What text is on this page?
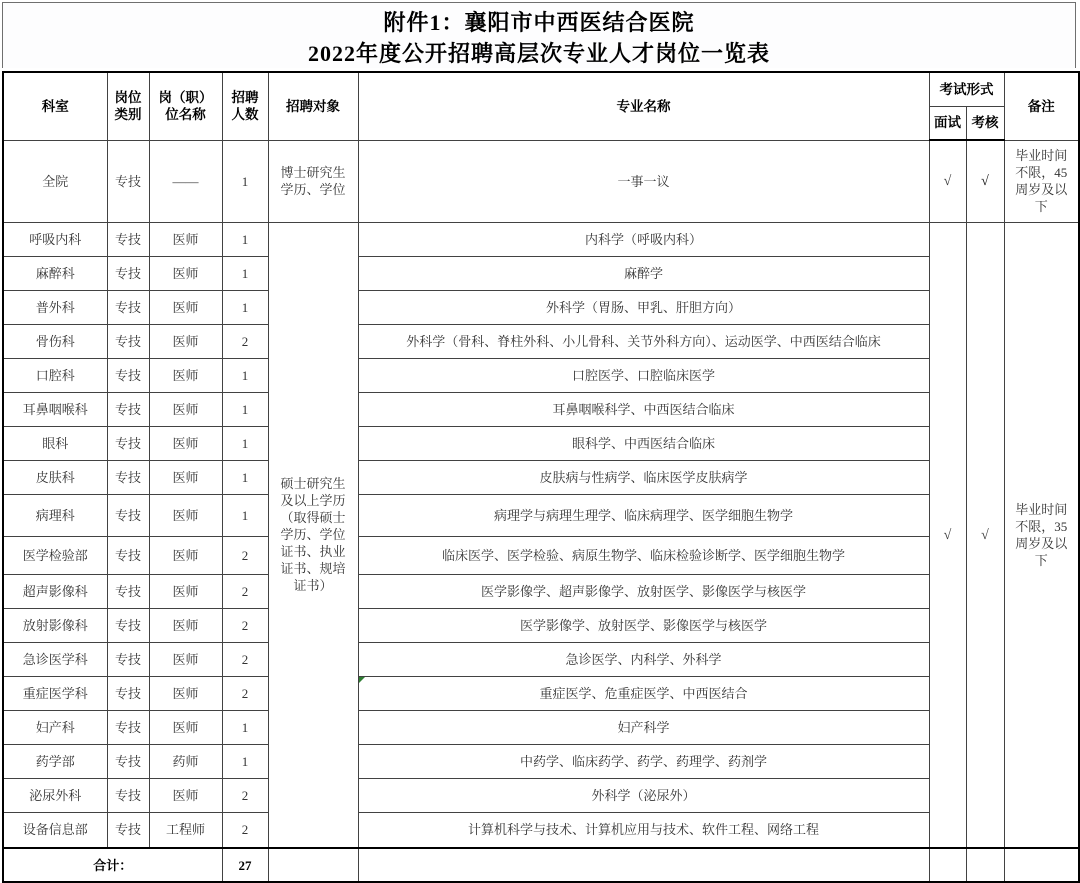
附件1：襄阳市中西医结合医院
2022年度公开招聘高层次专业人才岗位一览表
科室	岗位类别	岗（职）位名称	招聘人数	招聘对象	专业名称	考试形式		备注
						面试	考核	
全院	专技	——	1	博士研究生学历、学位	一事一议	√	√	毕业时间不限，45周岁及以下
呼吸内科	专技	医师	1	硕士研究生及以上学历（取得硕士学历、学位证书、执业证书、规培证书）	内科学（呼吸内科）	√	√	毕业时间不限，35周岁及以下
麻醉科	专技	医师	1		麻醉学			
普外科	专技	医师	1		外科学（胃肠、甲乳、肝胆方向）			
骨伤科	专技	医师	2		外科学（骨科、脊柱外科、小儿骨科、关节外科方向）、运动医学、中西医结合临床			
口腔科	专技	医师	1		口腔医学、口腔临床医学			
耳鼻咽喉科	专技	医师	1		耳鼻咽喉科学、中西医结合临床			
眼科	专技	医师	1		眼科学、中西医结合临床			
皮肤科	专技	医师	1		皮肤病与性病学、临床医学皮肤病学			
病理科	专技	医师	1		病理学与病理生理学、临床病理学、医学细胞生物学			
医学检验部	专技	医师	2		临床医学、医学检验、病原生物学、临床检验诊断学、医学细胞生物学			
超声影像科	专技	医师	2		医学影像学、超声影像学、放射医学、影像医学与核医学			
放射影像科	专技	医师	2		医学影像学、放射医学、影像医学与核医学			
急诊医学科	专技	医师	2		急诊医学、内科学、外科学			
重症医学科	专技	医师	2		重症医学、危重症医学、中西医结合			
妇产科	专技	医师	1		妇产科学			
药学部	专技	药师	1		中药学、临床药学、药学、药理学、药剂学			
泌尿外科	专技	医师	2		外科学（泌尿外）			
设备信息部	专技	工程师	2		计算机科学与技术、计算机应用与技术、软件工程、网络工程			
合计：			27					
